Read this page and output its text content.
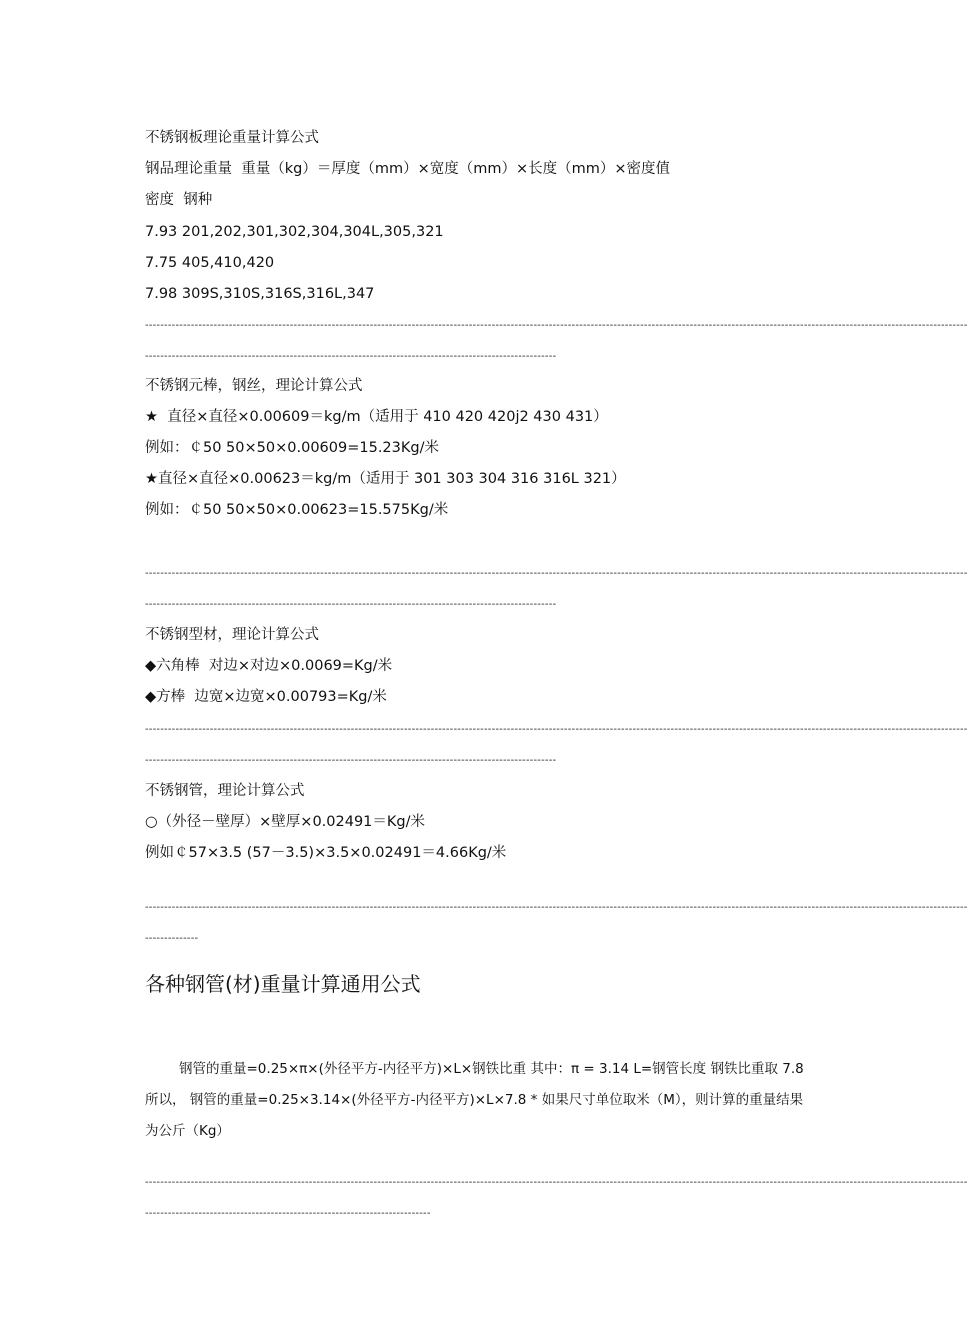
不锈钢板理论重量计算公式
钢品理论重量  重量（kg）＝厚度（mm）×宽度（mm）×长度（mm）×密度值
密度  钢种
7.93 201,202,301,302,304,304L,305,321
7.75 405,410,420
7.98 309S,310S,316S,316L,347
------------------------------------------------------------------------------------------------------------------------------------------------------------------------------------------------------------------------
------------------------------------------------------------------------------------------------------------
不锈钢元棒，钢丝，理论计算公式
★  直径×直径×0.00609＝kg/m（适用于 410 420 420j2 430 431）
例如：￠50 50×50×0.00609=15.23Kg/米
★直径×直径×0.00623＝kg/m（适用于 301 303 304 316 316L 321）
例如：￠50 50×50×0.00623=15.575Kg/米
------------------------------------------------------------------------------------------------------------------------------------------------------------------------------------------------------------------------
------------------------------------------------------------------------------------------------------------
不锈钢型材，理论计算公式
◆六角棒  对边×对边×0.0069=Kg/米
◆方棒  边宽×边宽×0.00793=Kg/米
------------------------------------------------------------------------------------------------------------------------------------------------------------------------------------------------------------------------
------------------------------------------------------------------------------------------------------------
不锈钢管，理论计算公式
○（外径－壁厚）×壁厚×0.02491＝Kg/米
例如￠57×3.5 (57－3.5)×3.5×0.02491＝4.66Kg/米
------------------------------------------------------------------------------------------------------------------------------------------------------------------------------------------------------------------------
--------------
各种钢管(材)重量计算通用公式
钢管的重量=0.25×π×(外径平方-内径平方)×L×钢铁比重 其中：π = 3.14 L=钢管长度 钢铁比重取 7.8 所以， 钢管的重量=0.25×3.14×(外径平方-内径平方)×L×7.8 * 如果尺寸单位取米（M），则计算的重量结果为公斤（Kg）
------------------------------------------------------------------------------------------------------------------------------------------------------------------------------------------------------------------------
---------------------------------------------------------------------------
